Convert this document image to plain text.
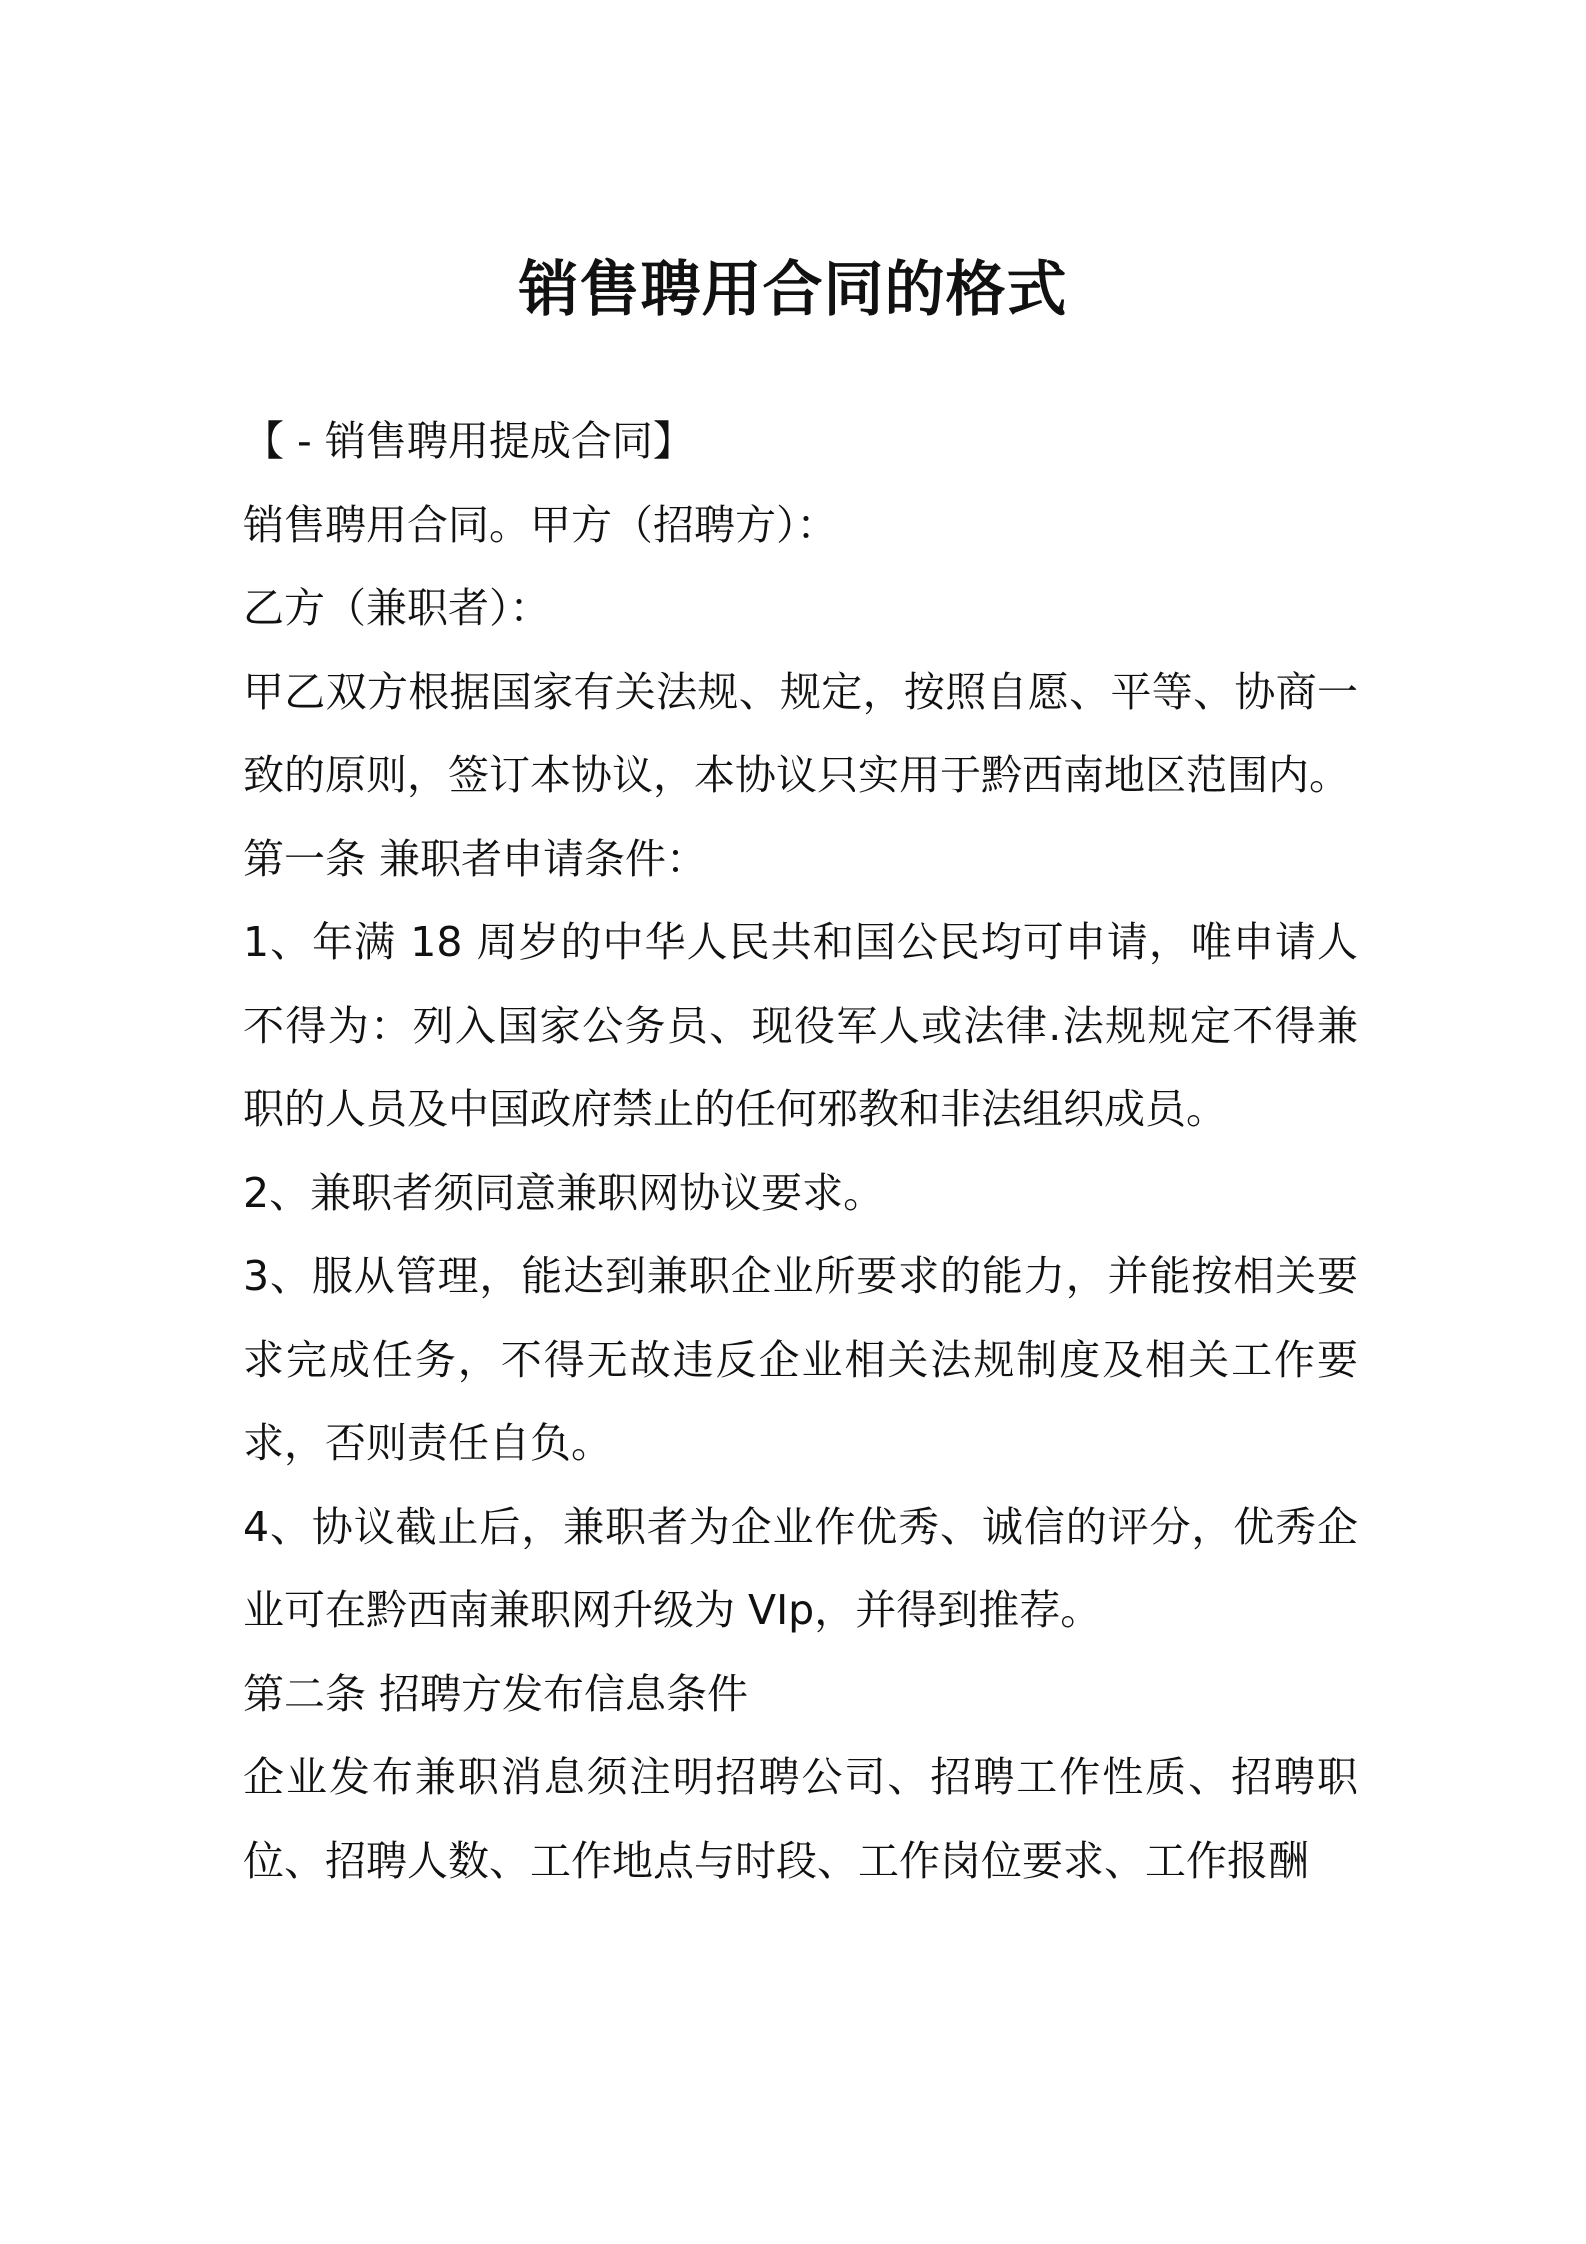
销售聘用合同的格式

【 - 销售聘用提成合同】

销售聘用合同。甲方（招聘方）：

乙方（兼职者）：

甲乙双方根据国家有关法规、规定，按照自愿、平等、协商一致的原则，签订本协议，本协议只实用于黔西南地区范围内。

第一条 兼职者申请条件：

1、年满 18 周岁的中华人民共和国公民均可申请，唯申请人不得为：列入国家公务员、现役军人或法律.法规规定不得兼职的人员及中国政府禁止的任何邪教和非法组织成员。

2、兼职者须同意兼职网协议要求。

3、服从管理，能达到兼职企业所要求的能力，并能按相关要求完成任务，不得无故违反企业相关法规制度及相关工作要求，否则责任自负。

4、协议截止后，兼职者为企业作优秀、诚信的评分，优秀企业可在黔西南兼职网升级为 VIp，并得到推荐。

第二条 招聘方发布信息条件

企业发布兼职消息须注明招聘公司、招聘工作性质、招聘职位、招聘人数、工作地点与时段、工作岗位要求、工作报酬
